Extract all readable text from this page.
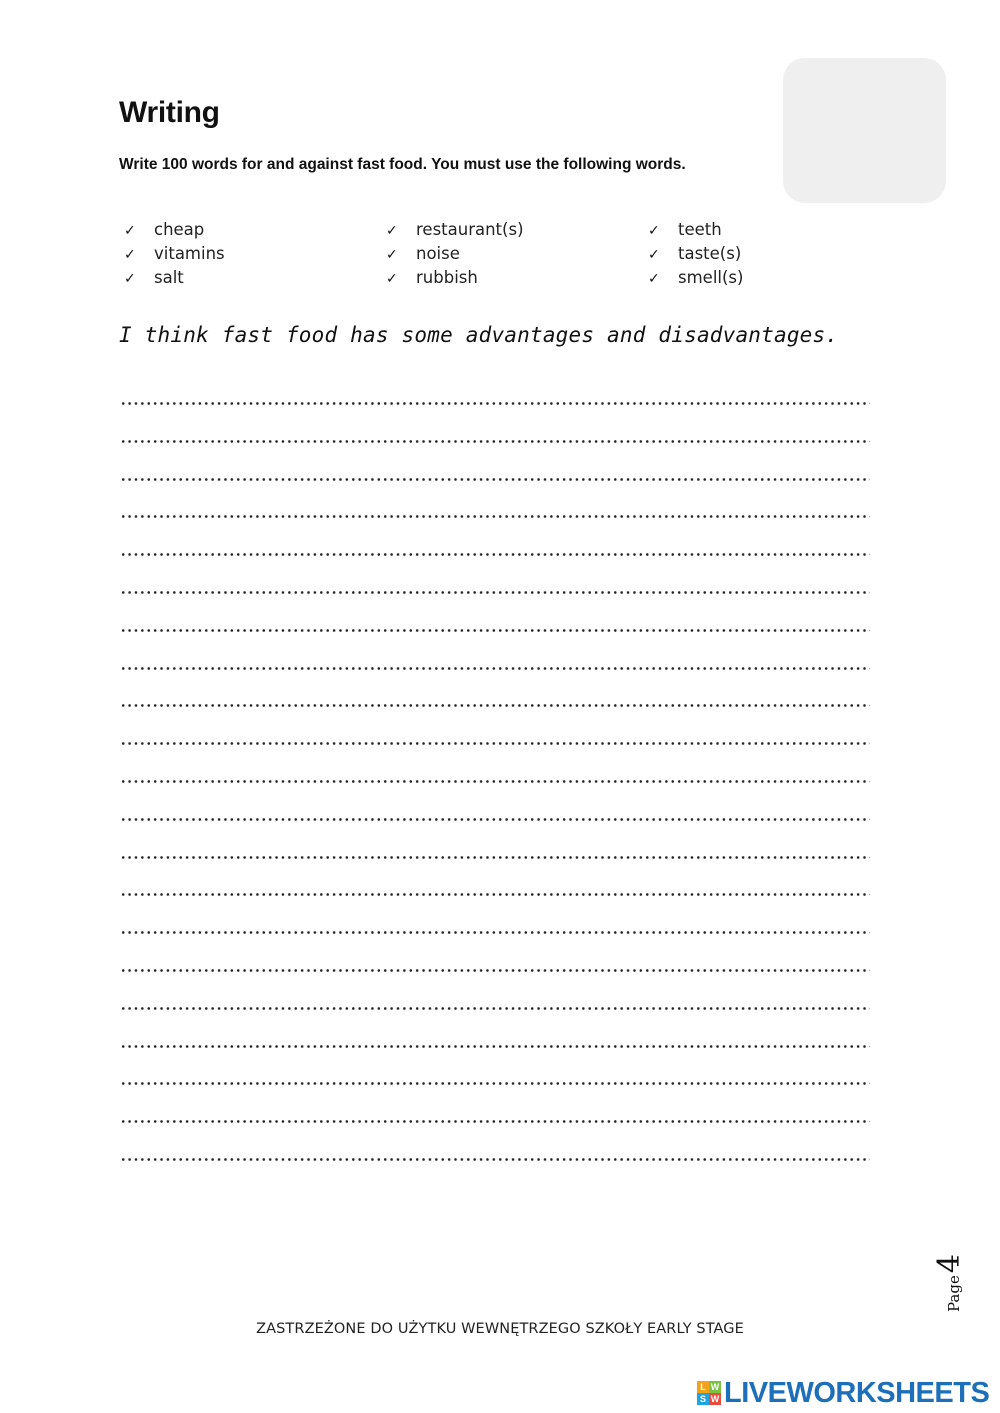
Writing
Write 100 words for and against fast food. You must use the following words.
✓ cheap
✓ vitamins
✓ salt
✓ restaurant(s)
✓ noise
✓ rubbish
✓ teeth
✓ taste(s)
✓ smell(s)
I think fast food has some advantages and disadvantages.
Page4
ZASTRZEŻONE DO UŻYTKU WEWNĘTRZEGO SZKOŁY EARLY STAGE
L W
S W LIVEWORKSHEETS
